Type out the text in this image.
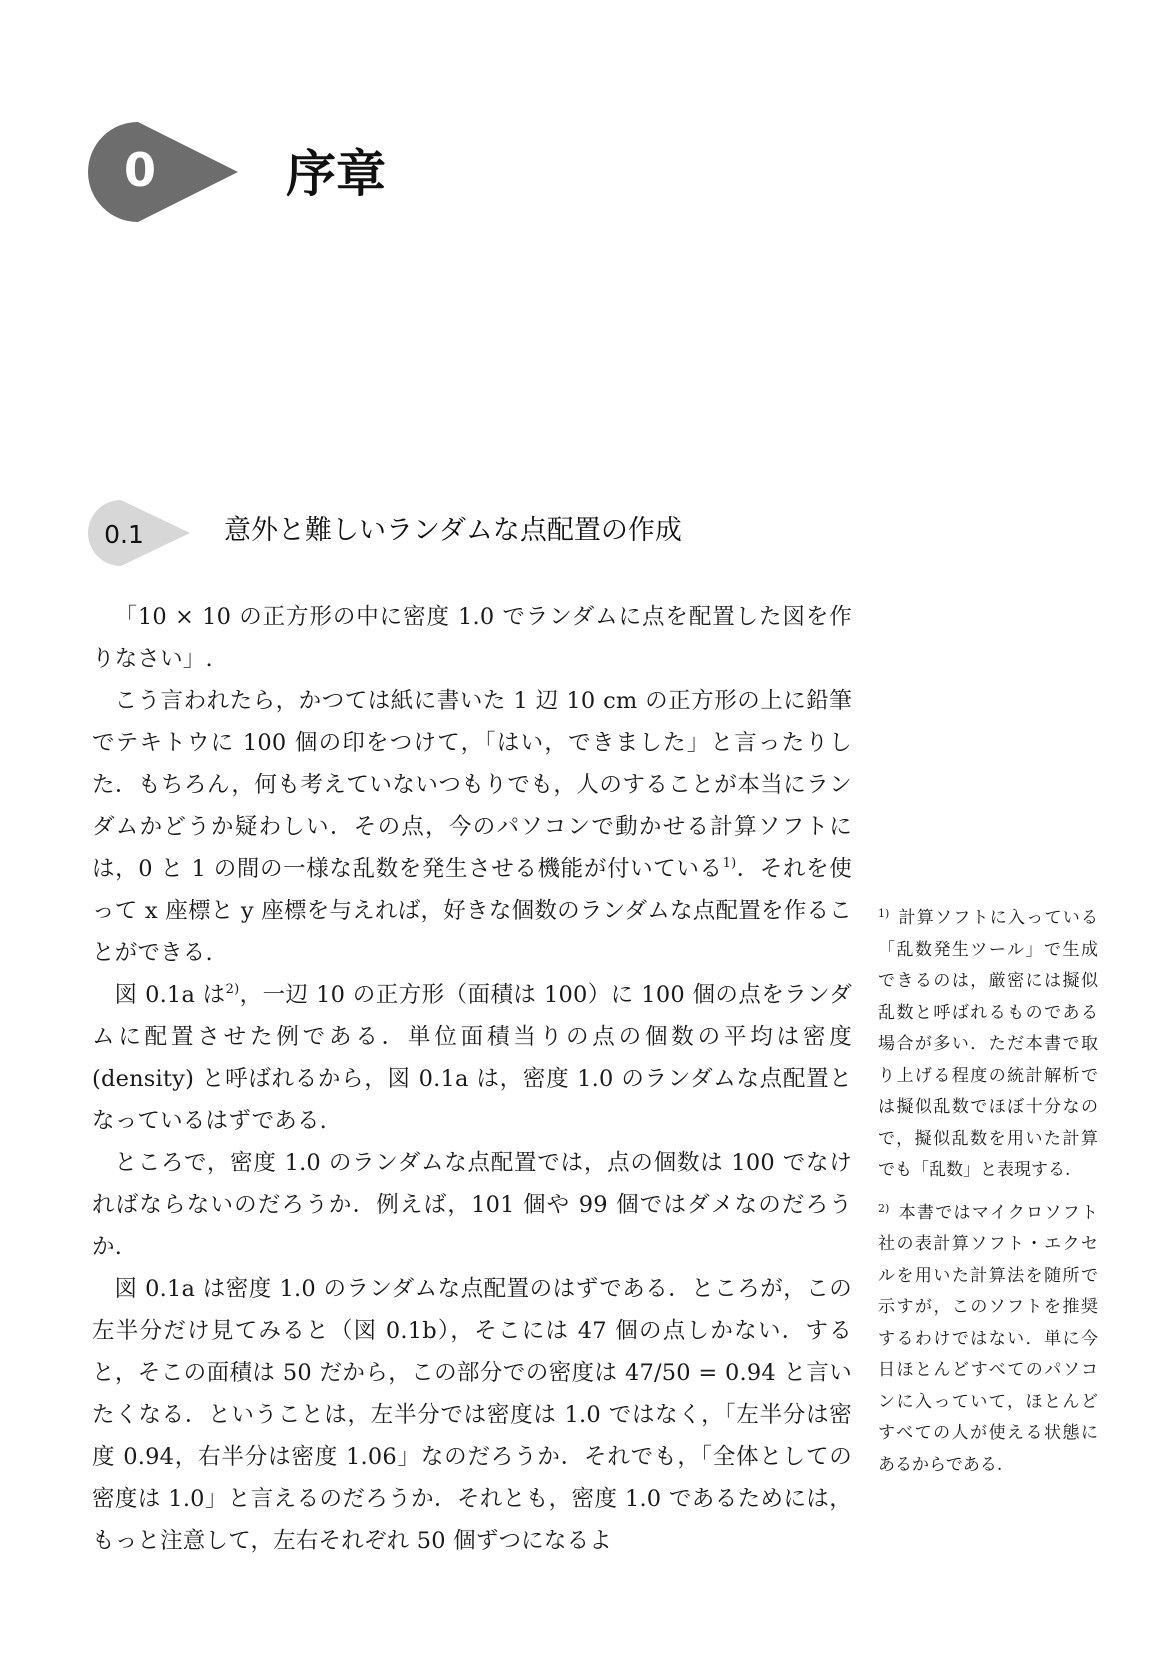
0	序章
0.1	意外と難しいランダムな点配置の作成

「10 × 10 の正方形の中に密度 1.0 でランダムに点を配置した図を作りなさい」.

こう言われたら，かつては紙に書いた 1 辺 10 cm の正方形の上に鉛筆でテキトウに 100 個の印をつけて，「はい，できました」と言ったりした．もちろん，何も考えていないつもりでも，人のすることが本当にランダムかどうか疑わしい．その点，今のパソコンで動かせる計算ソフトには，0 と 1 の間の一様な乱数を発生させる機能が付いている$^{1)}$．それを使って x 座標と y 座標を与えれば，好きな個数のランダムな点配置を作ることができる.

図 0.1a は$^{2)}$，一辺 10 の正方形（面積は 100）に 100 個の点をランダムに配置させた例である．単位面積当りの点の個数の平均は密度 (density) と呼ばれるから，図 0.1a は，密度 1.0 のランダムな点配置となっているはずである.

ところで，密度 1.0 のランダムな点配置では，点の個数は 100 でなければならないのだろうか．例えば，101 個や 99 個ではダメなのだろうか.

図 0.1a は密度 1.0 のランダムな点配置のはずである．ところが，この左半分だけ見てみると（図 0.1b），そこには 47 個の点しかない．すると，そこの面積は 50 だから，この部分での密度は 47/50 = 0.94 と言いたくなる．ということは，左半分では密度は 1.0 ではなく，「左半分は密度 0.94，右半分は密度 1.06」なのだろうか．それでも，「全体としての密度は 1.0」と言えるのだろうか．それとも，密度 1.0 であるためには，もっと注意して，左右それぞれ 50 個ずつになるよ

$^{1)}$ 計算ソフトに入っている「乱数発生ツール」で生成できるのは，厳密には擬似乱数と呼ばれるものである場合が多い．ただ本書で取り上げる程度の統計解析では擬似乱数でほぼ十分なので，擬似乱数を用いた計算でも「乱数」と表現する.

$^{2)}$ 本書ではマイクロソフト社の表計算ソフト・エクセルを用いた計算法を随所で示すが，このソフトを推奨するわけではない．単に今日ほとんどすべてのパソコンに入っていて，ほとんどすべての人が使える状態にあるからである.
